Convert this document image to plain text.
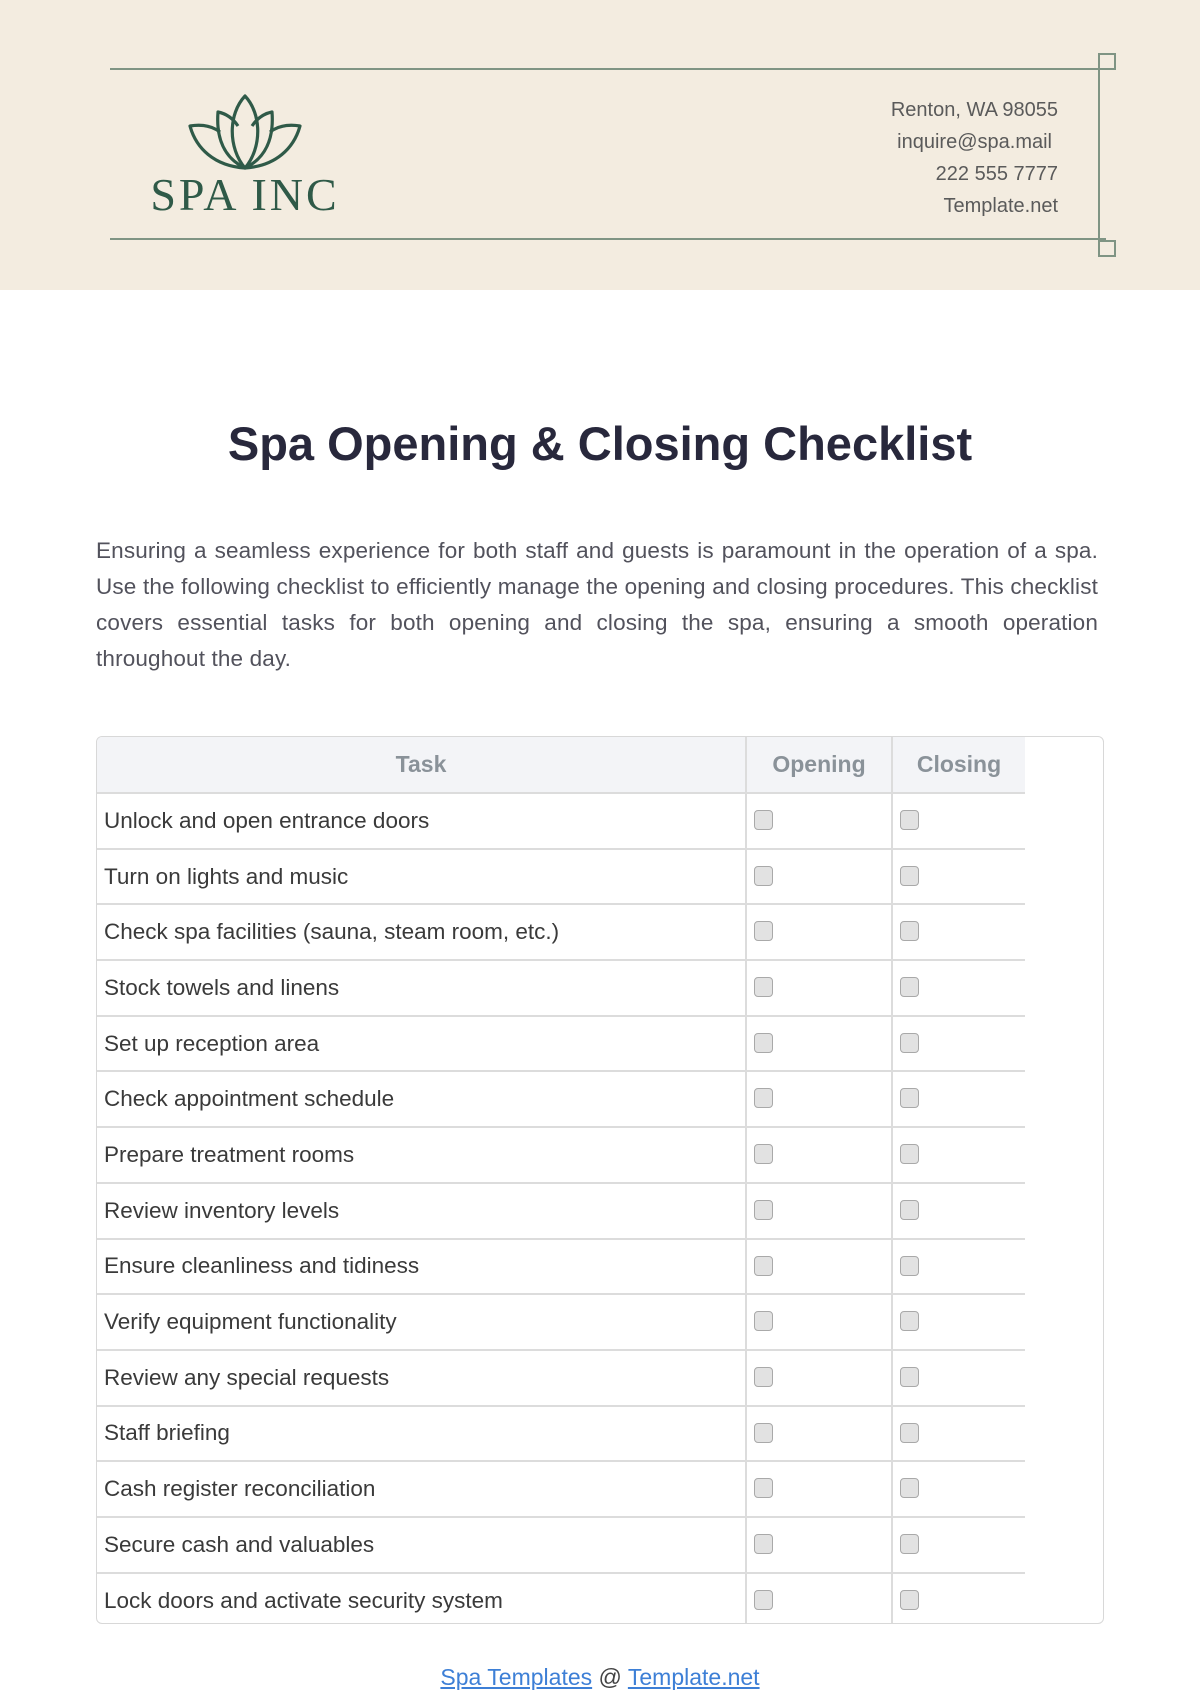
SPA INC
Renton, WA 98055
inquire@spa.mail
222 555 7777
Template.net
Spa Opening & Closing Checklist

Ensuring a seamless experience for both staff and guests is paramount in the operation of a spa. Use the following checklist to efficiently manage the opening and closing procedures. This checklist covers essential tasks for both opening and closing the spa, ensuring a smooth operation throughout the day.

Task	Opening	Closing
Unlock and open entrance doors		
Turn on lights and music		
Check spa facilities (sauna, steam room, etc.)		
Stock towels and linens		
Set up reception area		
Check appointment schedule		
Prepare treatment rooms		
Review inventory levels		
Ensure cleanliness and tidiness		
Verify equipment functionality		
Review any special requests		
Staff briefing		
Cash register reconciliation		
Secure cash and valuables		
Lock doors and activate security system		
Spa Templates @ Template.net
